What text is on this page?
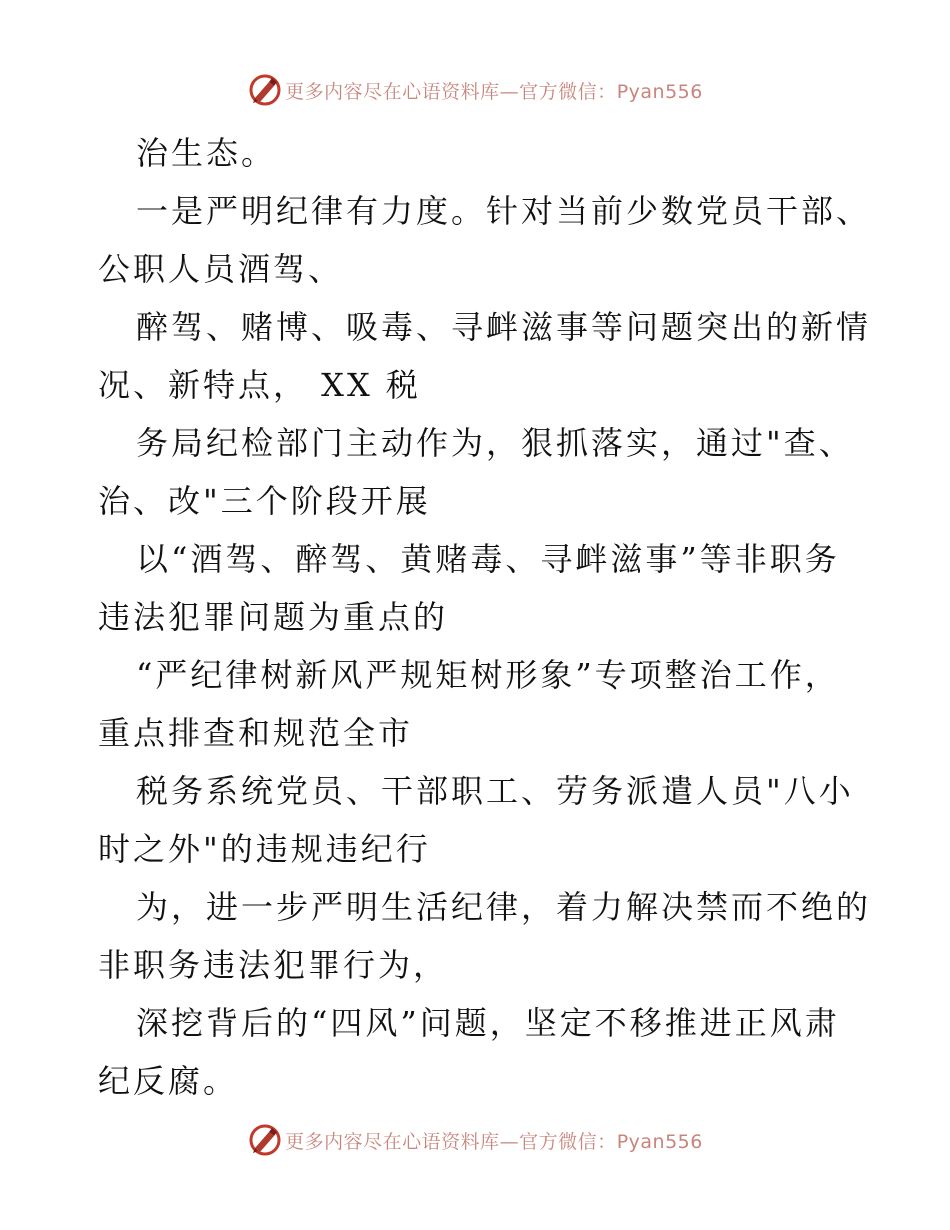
更多内容尽在心语资料库—官方微信：Pyan556
治生态。
一是严明纪律有力度。针对当前少数党员干部、
公职人员酒驾、
醉驾、赌博、吸毒、寻衅滋事等问题突出的新情
况、新特点， XX 税
务局纪检部门主动作为，狠抓落实，通过"查、
治、改"三个阶段开展
以“酒驾、醉驾、黄赌毒、寻衅滋事”等非职务
违法犯罪问题为重点的
“严纪律树新风严规矩树形象”专项整治工作，
重点排查和规范全市
税务系统党员、干部职工、劳务派遣人员"八小
时之外"的违规违纪行
为，进一步严明生活纪律，着力解决禁而不绝的
非职务违法犯罪行为，
深挖背后的“四风”问题，坚定不移推进正风肃
纪反腐。
更多内容尽在心语资料库—官方微信：Pyan556
